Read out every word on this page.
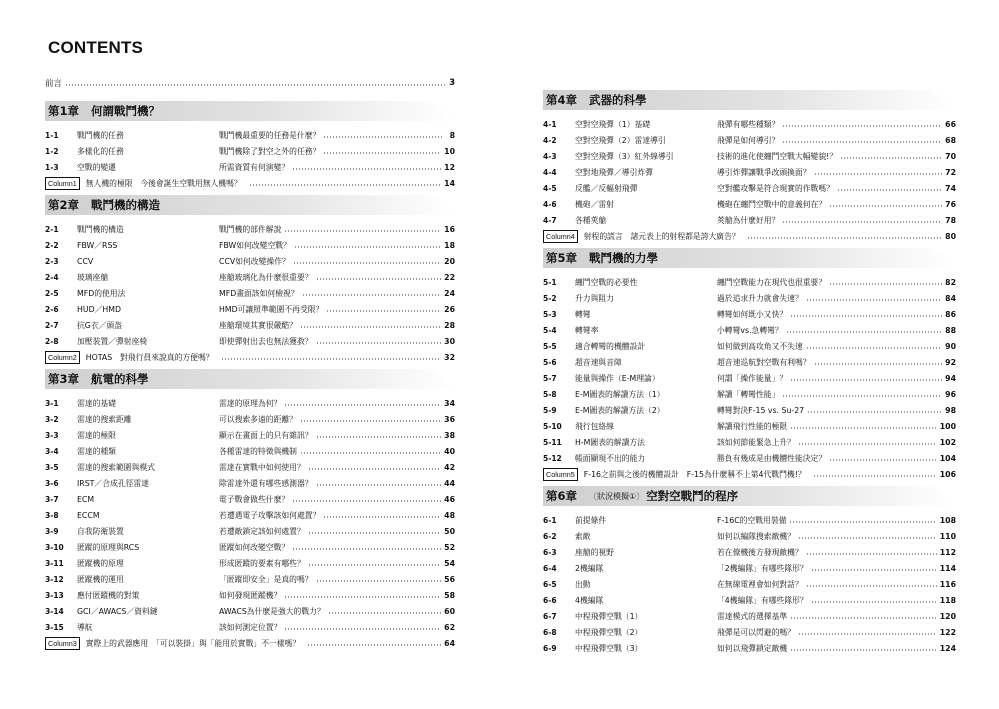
CONTENTS
前言	3
第1章 何謂戰鬥機？
1-1	戰鬥機的任務	戰鬥機最重要的任務是什麼？	8
1-2	多樣化的任務	戰鬥機除了對空之外的任務？	10
1-3	空戰的變遷	所需資質有何演變？	12
Column1	無人機的極限　今後會誕生空戰用無人機嗎？	14
第2章 戰鬥機的構造
2-1	戰鬥機的構造	戰鬥機的部件解說	16
2-2	FBW／RSS	FBW如何改變空戰？	18
2-3	CCV	CCV如何改變操作？	20
2-4	玻璃座艙	座艙玻璃化為什麼很重要？	22
2-5	MFD的使用法	MFD畫面該如何檢視？	24
2-6	HUD／HMD	HMD可讓照準範圍不再受限？	26
2-7	抗G衣／頭盔	座艙環境其實很嚴酷？	28
2-8	加壓裝置／彈射座椅	即使彈射出去也無法獲救？	30
Column2	HOTAS　對飛行員來說真的方便嗎？	32
第3章 航電的科學
3-1	雷達的基礎	雷達的原理為何？	34
3-2	雷達的搜索距離	可以搜索多遠的距離？	36
3-3	雷達的極限	顯示在畫面上的只有雜訊？	38
3-4	雷達的種類	各種雷達的特徵與機制	40
3-5	雷達的搜索範圍與模式	雷達在實戰中如何使用？	42
3-6	IRST／合成孔徑雷達	除雷達外還有哪些感測器？	44
3-7	ECM	電子戰會做些什麼？	46
3-8	ECCM	若遭遇電子攻擊該如何處置？	48
3-9	自我防衛裝置	若遭敵鎖定該如何處置？	50
3-10	匿蹤的原理與RCS	匿蹤如何改變空戰？	52
3-11	匿蹤機的原理	形成匿蹤的要素有哪些？	54
3-12	匿蹤機的運用	「匿蹤即安全」是真的嗎？	56
3-13	應付匿蹤機的對策	如何發現匿蹤機？	58
3-14	GCI／AWACS／資料鏈	AWACS為什麼是強大的戰力？	60
3-15	導航	該如何測定位置？	62
Column3	實際上的武器應用　「可以裝掛」與「能用於實戰」不一樣嗎？	64
第4章 武器的科學
4-1	空對空飛彈（1）基礎	飛彈有哪些種類？	66
4-2	空對空飛彈（2）雷達導引	飛彈是如何導引？	68
4-3	空對空飛彈（3）紅外線導引	技術的進化使纏鬥空戰大幅變貌!？	70
4-4	空對地飛彈／導引炸彈	導引炸彈讓戰爭改頭換面？	72
4-5	反艦／反輻射飛彈	空對艦攻擊是符合現實的作戰嗎？	74
4-6	機砲／雷射	機砲在纏鬥空戰中的意義何在？	76
4-7	各種莢艙	莢艙為什麼好用？	78
Column4	射程的謊言　諸元表上的射程都是誇大廣告？	80
第5章 戰鬥機的力學
5-1	纏鬥空戰的必要性	纏鬥空戰能力在現代也很重要？	82
5-2	升力與阻力	過於追求升力就會失速？	84
5-3	轉彎	轉彎如何既小又快？	86
5-4	轉彎率	小轉彎vs.急轉彎？	88
5-5	適合轉彎的機體設計	如何做到高攻角又不失速	90
5-6	超音速與音障	超音速巡航對空戰有利嗎？	92
5-7	能量與操作（E-M理論）	何謂「操作能量」？	94
5-8	E-M圖表的解讀方法（1）	解讀「轉彎性能」	96
5-9	E-M圖表的解讀方法（2）	轉彎對決F-15 vs. Su-27	98
5-10	飛行包絡線	解讀飛行性能的極限	100
5-11	H-M圖表的解讀方法	該如何節能緊急上升？	102
5-12	帳面顯現不出的能力	勝負有幾成是由機體性能決定？	104
Column5	F-16之前與之後的機體設計　F-15為什麼稱不上第4代戰鬥機!？	106
第6章 〔狀況模擬①〕 空對空戰鬥的程序
6-1	前提條件	F-16C的空戰用裝備	108
6-2	索敵	如何以編隊搜索敵機？	110
6-3	座艙的視野	若在僚機後方發現敵機？	112
6-4	2機編隊	「2機編隊」有哪些隊形？	114
6-5	出動	在無線電裡會如何對話？	116
6-6	4機編隊	「4機編隊」有哪些隊形？	118
6-7	中程飛彈空戰（1）	雷達模式的選擇基準	120
6-8	中程飛彈空戰（2）	飛彈是可以閃避的嗎？	122
6-9	中程飛彈空戰（3）	如何以飛彈鎖定敵機	124
